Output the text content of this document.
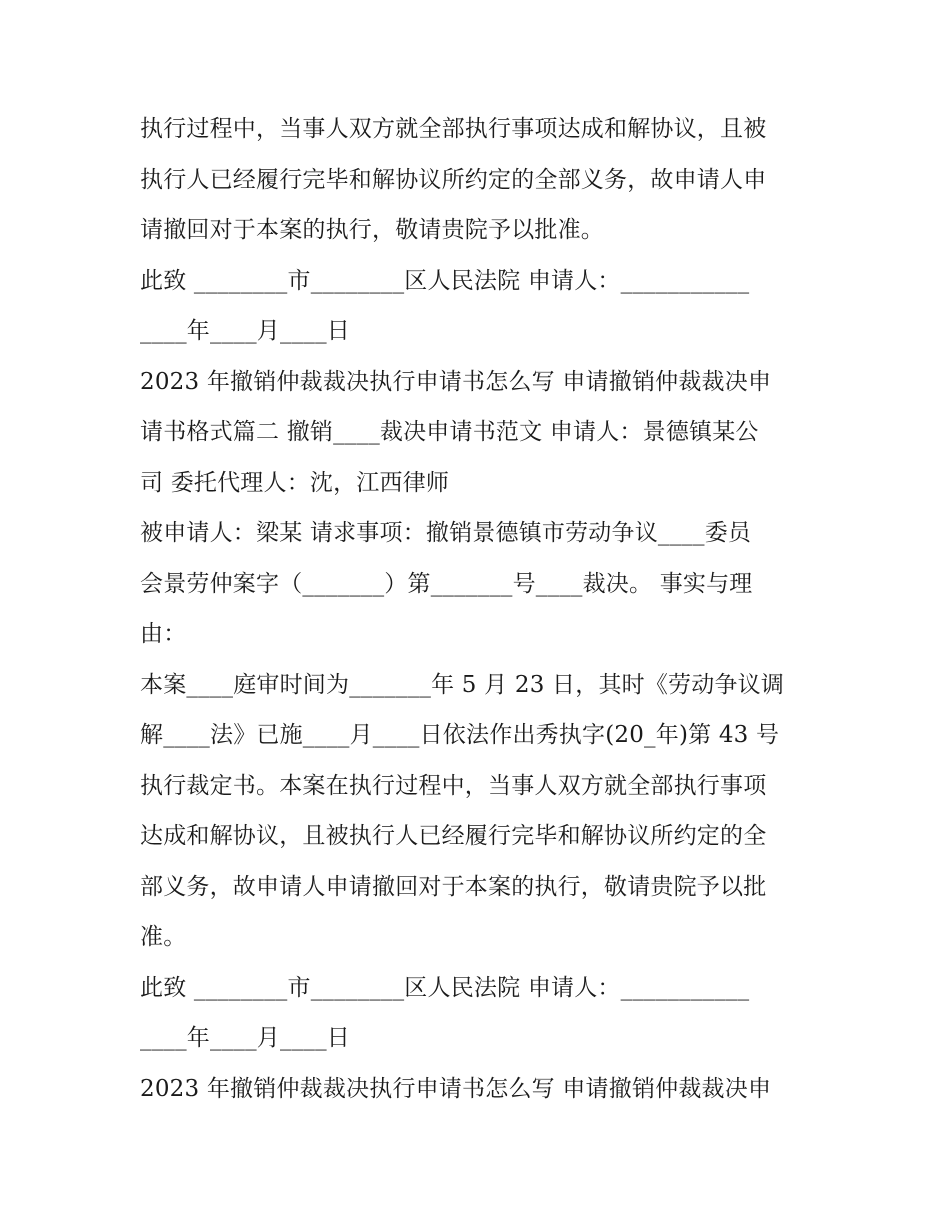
执行过程中，当事人双方就全部执行事项达成和解协议，且被
执行人已经履行完毕和解协议所约定的全部义务，故申请人申
请撤回对于本案的执行，敬请贵院予以批准。
此致 ________市________区人民法院 申请人：___________
____年____月____日
2023 年撤销仲裁裁决执行申请书怎么写 申请撤销仲裁裁决申
请书格式篇二 撤销____裁决申请书范文 申请人：景德镇某公
司 委托代理人：沈，江西律师
被申请人：梁某 请求事项：撤销景德镇市劳动争议____委员
会景劳仲案字（_______）第_______号____裁决。 事实与理
由：
本案____庭审时间为_______年 5 月 23 日，其时《劳动争议调
解____法》已施____月____日依法作出秀执字(20_年)第 43 号
执行裁定书。本案在执行过程中，当事人双方就全部执行事项
达成和解协议，且被执行人已经履行完毕和解协议所约定的全
部义务，故申请人申请撤回对于本案的执行，敬请贵院予以批
准。
此致 ________市________区人民法院 申请人：___________
____年____月____日
2023 年撤销仲裁裁决执行申请书怎么写 申请撤销仲裁裁决申
